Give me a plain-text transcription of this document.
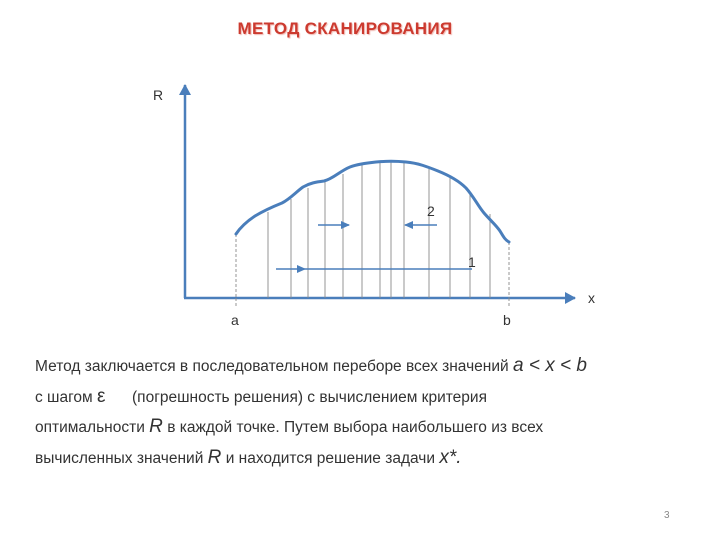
МЕТОД СКАНИРОВАНИЯ
R
x
a	b
2
1
Метод заключается в последовательном переборе всех значений a < x < b
с шагом ε (погрешность решения) с вычислением критерия
оптимальности R в каждой точке. Путем выбора наибольшего из всех
вычисленных значений R и находится решение задачи x*.
3
